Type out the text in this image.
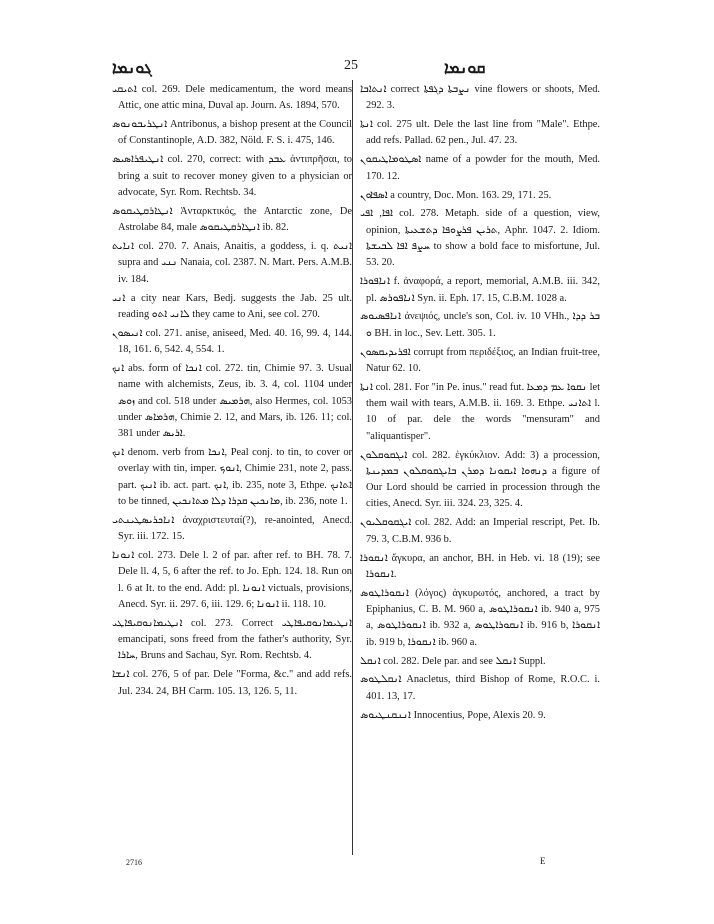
ܓܘܢܡܐ	25	ܩܘܢܡܐ

ܐܬܝܩܝ col. 269. Dele medicamentum, the word means Attic, one attic mina, Duval ap. Journ. As. 1894, 570.

ܐܢܛܪܝܒܘܢܘܣ Antribonus, a bishop present at the Council of Constantinople, A.D. 382, Nöld. F. S. i. 475, 146.

ܐܢܛܝܦܪܐܣܝܣ col. 270, correct: with ܥܒܕ ἀντιπρῆσαι, to bring a suit to recover money given to a physician or advocate, Syr. Rom. Rechtsb. 34.

ܐܢܛܐܪܩܛܝܩܘܣ Ἀνταρκτικός, the Antarctic zone, De Astrolabe 84, male ܐܢܛܐܪܩܛܝܩܘܣ ib. 82.

ܐܢܐܝܬ col. 270. 7. Anais, Anaitis, a goddess, i. q. ܐܢܝܬ supra and ܢܢܝ Nanaia, col. 2387. N. Mart. Pers. A.M.B. iv. 184.

ܐܢܝ a city near Kars, Bedj. suggests the Jab. 25 ult. reading ܠܐܢܝ ܐܬܘ they came to Ani, see col. 270.

ܐܢܝܣܘܢ col. 271. anise, aniseed, Med. 40. 16, 99. 4, 144. 18, 161. 6, 542. 4, 554. 1.

ܐܢܟ abs. form of ܐܢܟܐ col. 272. tin, Chimie 97. 3. Usual name with alchemists, Zeus, ib. 3. 4, col. 1104 under ܙܘܣ and col. 518 under ܗܪܡܝܣ, also Hermes, col. 1053 under ܗܪܡܐܣ, Chimie 2. 12, and Mars, ib. 126. 11; col. 381 under ܐܪܝܣ.

ܐܢܟ denom. verb from ܐܢܟܐ, Peal conj. to tin, to cover or overlay with tin, imper. ܐܢܘܟ, Chimie 231, note 2, pass. part. ܐܢܝܟ ib. act. part. ܐܢܟ, ib. 235, note 3, Ethpe. ܐܬܐܢܟ to be tinned, ܡܐܢܟܝܢ ܩܕܪܐ ܕܠܐ ܡܬܐܢܟܝܢ, ib. 236, note 1.

ܐܢܐܟܪܝܣܛܝܢܬܝ ἀναχριστευταί(?), re-anointed, Anecd. Syr. iii. 172. 15.

ܐܢܘܢܐ col. 273. Dele l. 2 of par. after ref. to BH. 78. 7. Dele ll. 4, 5, 6 after the ref. to Jo. Eph. 124. 18. Run on l. 6 at It. to the end. Add: pl. ܐܢܘܢܐ victuals, provisions, Anecd. Syr. ii. 297. 6, iii. 129. 6; ܐܢܘܢܐ ii. 118. 10.

ܐܢܛܝܡܐܢܘܩܝܦܐܛܝ col. 273. Correct ܐܢܛܝܡܐܢܘܩܝܦܐܛܝ emancipati, sons freed from the father's authority, Syr. ܚܐܪܐ, Bruns and Sachau, Syr. Rom. Rechtsb. 4.

ܐܢܫܐ col. 276, 5 of par. Dele "Forma, &c." and add refs. Jul. 234. 24, BH Carm. 105. 13, 126. 5, 11.

ܐܢܬܐܒܐ correct ܢܨܒܬܐ ܕܓܦܬܐ vine flowers or shoots, Med. 292. 3.

ܐܢܬܐ col. 275 ult. Dele the last line from "Male". Ethpe. add refs. Pallad. 62 pen., Jul. 47. 23.

ܐܣܛܘܡܐܛܝܩܘܢ name of a powder for the mouth, Med. 170. 12.

ܐܣܦܐܘܢ a country, Doc. Mon. 163. 29, 171. 25.

ܐܦܐ, ܐܦܝ col. 278. Metaph. side of a question, view, opinion, ܬܪܝܢ ܦܪܨܘܦܐ ܕܬܫܥܝܬܐ, Aphr. 1047. 2. Idiom. ܚܨܦ ܐܦܐ ܠܒܝܫܬܐ to show a bold face to misfortune, Jul. 53. 20.

ܐܢܐܦܘܪܐ f. ἀναφορά, a report, memorial, A.M.B. iii. 342, pl. ܐܢܐܦܘܪܣ Syn. ii. Eph. 17. 15, C.B.M. 1028 a.

ܐܢܐܦܣܝܘܣ ἀνεψιός, uncle's son, Col. iv. 10 VHh., ܒܪ ܕܕܐ ܘ BH. in loc., Sev. Lett. 305. 1.

ܐܦܪܝܕܝܩܣܘܢ corrupt from περιδέξιος, an Indian fruit-tree, Natur 62. 10.

ܐܢܬܐ col. 281. For "in Pe. inus." read fut. ܢܩܘܐ ܥܡ ܕܡܥܐ let them wail with tears, A.M.B. ii. 169. 3. Ethpe. ܐܬܐܢܝ l. 10 of par. dele the words "mensuram" and "aliquantisper".

ܐܝܓܩܘܩܠܘܢ col. 282. ἐγκύκλιον. Add: 3) a procession, ܕܢܗܘܐ ܐܝܩܘܢܐ ܕܡܪܢ ܒܐܝܓܩܘܩܠܘܢ ܒܡܕܝܢܬܐ a figure of Our Lord should be carried in procession through the cities, Anecd. Syr. iii. 324. 23, 325. 4.

ܐܝܓܩܘܩܠܝܘܢ col. 282. Add: an Imperial rescript, Pet. Ib. 79. 3, C.B.M. 936 b.

ܐܢܩܘܪܐ ἄγκυρα, an anchor, BH. in Heb. vi. 18 (19); see ܐܢܩܘܪܐ.

ܐܢܩܘܪܐܛܘܣ (λόγος) ἀγκυρωτός, anchored, a tract by Epiphanius, C. B. M. 960 a, ܐܢܩܘܪܐܛܘܣ ib. 940 a, 975 a, ܐܢܩܘܪܐܛܘܣ ib. 932 a, ܐܢܩܘܪܐܛܘܣ ib. 916 b, ܐܢܩܘܪܐ ib. 919 b, ܐܢܩܘܪܐ ib. 960 a.

ܐܢܩܠ col. 282. Dele par. and see ܐܢܩܠ Suppl.

ܐܢܩܠܛܘܣ Anacletus, third Bishop of Rome, R.O.C. i. 401. 13, 17.

ܐܢܢܩܢܛܝܘܣ Innocentius, Pope, Alexis 20. 9.

2716	E
